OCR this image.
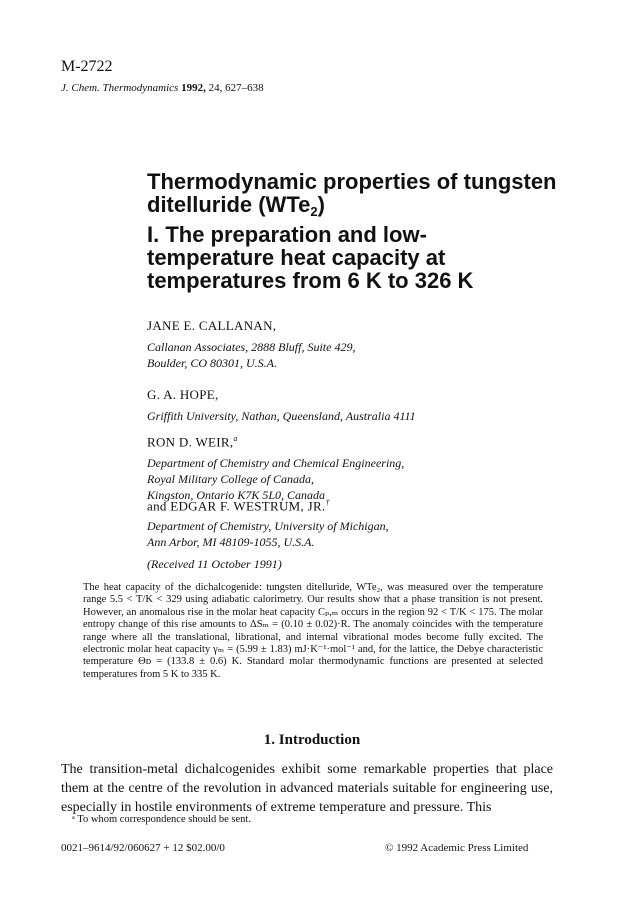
M-2722
J. Chem. Thermodynamics 1992, 24, 627–638
Thermodynamic properties of tungsten
ditelluride (WTe$_2$)
I. The preparation and low-
temperature heat capacity at
temperatures from 6 K to 326 K
JANE E. CALLANAN,
Callanan Associates, 2888 Bluff, Suite 429,
Boulder, CO 80301, U.S.A.
G. A. HOPE,
Griffith University, Nathan, Queensland, Australia 4111
RON D. WEIR,$^a$
Department of Chemistry and Chemical Engineering,
Royal Military College of Canada,
Kingston, Ontario K7K 5L0, Canada
and EDGAR F. WESTRUM, JR.†
Department of Chemistry, University of Michigan,
Ann Arbor, MI 48109-1055, U.S.A.
(Received 11 October 1991)
The heat capacity of the dichalcogenide: tungsten ditelluride, WTe₂, was measured over the temperature range 5.5 < T/K < 329 using adiabatic calorimetry. Our results show that a phase transition is not present. However, an anomalous rise in the molar heat capacity Cₚ,ₘ occurs in the region 92 < T/K < 175. The molar entropy change of this rise amounts to ΔSₘ = (0.10 ± 0.02)·R. The anomaly coincides with the temperature range where all the translational, librational, and internal vibrational modes become fully excited. The electronic molar heat capacity γₘ = (5.99 ± 1.83) mJ·K⁻¹·mol⁻¹ and, for the lattice, the Debye characteristic temperature Θᴅ = (133.8 ± 0.6) K. Standard molar thermodynamic functions are presented at selected temperatures from 5 K to 335 K.
1. Introduction
The transition-metal dichalcogenides exhibit some remarkable properties that place them at the centre of the revolution in advanced materials suitable for engineering use, especially in hostile environments of extreme temperature and pressure. This
ᵃ To whom correspondence should be sent.
0021–9614/92/060627 + 12 $02.00/0	© 1992 Academic Press Limited
